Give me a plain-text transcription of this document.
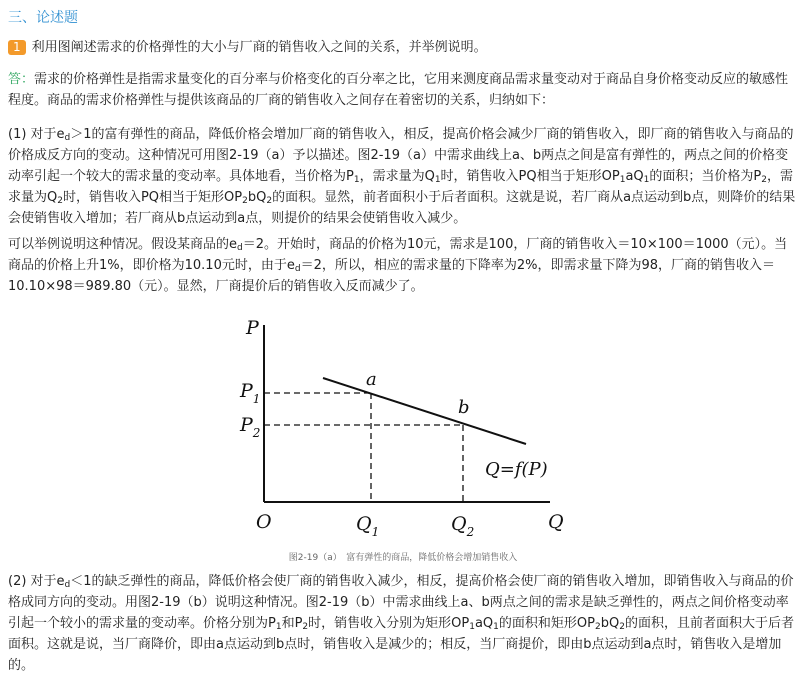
三、论述题
1 利用图阐述需求的价格弹性的大小与厂商的销售收入之间的关系，并举例说明。
答：需求的价格弹性是指需求量变化的百分率与价格变化的百分率之比，它用来测度商品需求量变动对于商品自身价格变动反应的敏感性程度。商品的需求价格弹性与提供该商品的厂商的销售收入之间存在着密切的关系，归纳如下：
(1) 对于$e_d>1$的富有弹性的商品，降低价格会增加厂商的销售收入，相反，提高价格会减少厂商的销售收入，即厂商的销售收入与商品的价格成反方向的变动。这种情况可用图2-19（a）予以描述。图2-19（a）中需求曲线上a、b两点之间是富有弹性的，两点之间的价格变动率引起一个较大的需求量的变动率。具体地看，当价格为$P_1$，需求量为$Q_1$时，销售收入PQ相当于矩形$OP_1aQ_1$的面积；当价格为$P_2$，需求量为$Q_2$时，销售收入PQ相当于矩形$OP_2bQ_2$的面积。显然，前者面积小于后者面积。这就是说，若厂商从a点运动到b点，则降价的结果会使销售收入增加；若厂商从b点运动到a点，则提价的结果会使销售收入减少。
可以举例说明这种情况。假设某商品的$e_d=2$。开始时，商品的价格为10元，需求是100，厂商的销售收入＝10×100＝1000（元）。当商品的价格上升1%，即价格为10.10元时，由于$e_d=2$，所以，相应的需求量的下降率为2%，即需求量下降为98，厂商的销售收入＝10.10×98＝989.80（元）。显然，厂商提价后的销售收入反而减少了。
P
$P_1$
$P_2$
O	$Q_1$	$Q_2$	Q
a
b
Q=f(P)
图2-19（a）　富有弹性的商品，降低价格会增加销售收入
(2) 对于$e_d<1$的缺乏弹性的商品，降低价格会使厂商的销售收入减少，相反，提高价格会使厂商的销售收入增加，即销售收入与商品的价格成同方向的变动。用图2-19（b）说明这种情况。图2-19（b）中需求曲线上a、b两点之间的需求是缺乏弹性的，两点之间价格变动率引起一个较小的需求量的变动率。价格分别为$P_1$和$P_2$时，销售收入分别为矩形$OP_1aQ_1$的面积和矩形$OP_2bQ_2$的面积，且前者面积大于后者面积。这就是说，当厂商降价，即由a点运动到b点时，销售收入是减少的；相反，当厂商提价，即由b点运动到a点时，销售收入是增加的。
